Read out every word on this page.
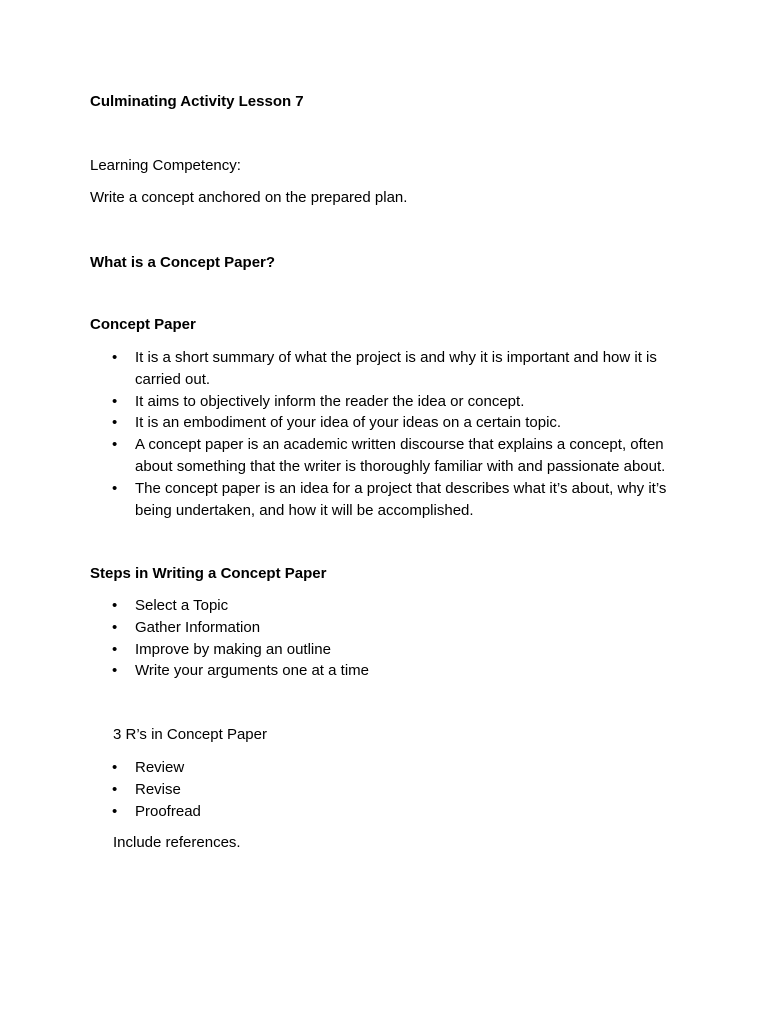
Culminating Activity Lesson 7
Learning Competency:
Write a concept anchored on the prepared plan.
What is a Concept Paper?
Concept Paper
•	It is a short summary of what the project is and why it is important and how it is carried out.
•	It aims to objectively inform the reader the idea or concept.
•	It is an embodiment of your idea of your ideas on a certain topic.
•	A concept paper is an academic written discourse that explains a concept, often about something that the writer is thoroughly familiar with and passionate about.
•	The concept paper is an idea for a project that describes what it’s about, why it’s being undertaken, and how it will be accomplished.
Steps in Writing a Concept Paper
•	Select a Topic
•	Gather Information
•	Improve by making an outline
•	Write your arguments one at a time
3 R’s in Concept Paper
•	Review
•	Revise
•	Proofread
Include references.
